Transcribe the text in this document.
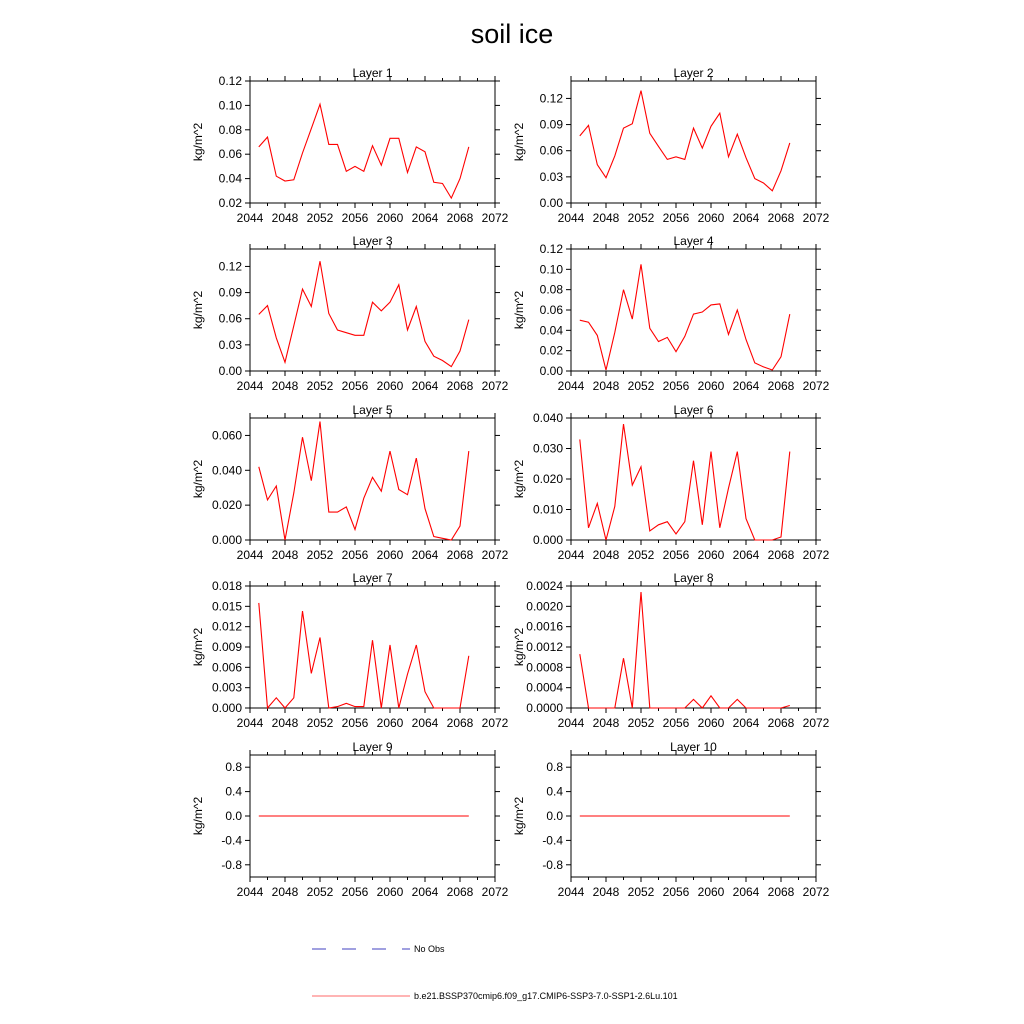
soil ice
Layer 1
kg/m^2
2044 2048 2052 2056 2060 2064 2068 2072
0.02
0.04
0.06
0.08
0.10
0.12
Layer 2
kg/m^2
2044 2048 2052 2056 2060 2064 2068 2072
0.00
0.03
0.06
0.09
0.12
Layer 3
kg/m^2
2044 2048 2052 2056 2060 2064 2068 2072
0.00
0.03
0.06
0.09
0.12
Layer 4
kg/m^2
2044 2048 2052 2056 2060 2064 2068 2072
0.00
0.02
0.04
0.06
0.08
0.10
0.12
Layer 5
kg/m^2
2044 2048 2052 2056 2060 2064 2068 2072
0.000
0.020
0.040
0.060
Layer 6
kg/m^2
2044 2048 2052 2056 2060 2064 2068 2072
0.000
0.010
0.020
0.030
0.040
Layer 7
kg/m^2
2044 2048 2052 2056 2060 2064 2068 2072
0.000
0.003
0.006
0.009
0.012
0.015
0.018
Layer 8
kg/m^2
2044 2048 2052 2056 2060 2064 2068 2072
0.0000
0.0004
0.0008
0.0012
0.0016
0.0020
0.0024
Layer 9
kg/m^2
2044 2048 2052 2056 2060 2064 2068 2072
-0.8
-0.4
0.0
0.4
0.8
Layer 10
kg/m^2
2044 2048 2052 2056 2060 2064 2068 2072
-0.8
-0.4
0.0
0.4
0.8
No Obs
b.e21.BSSP370cmip6.f09_g17.CMIP6-SSP3-7.0-SSP1-2.6Lu.101
